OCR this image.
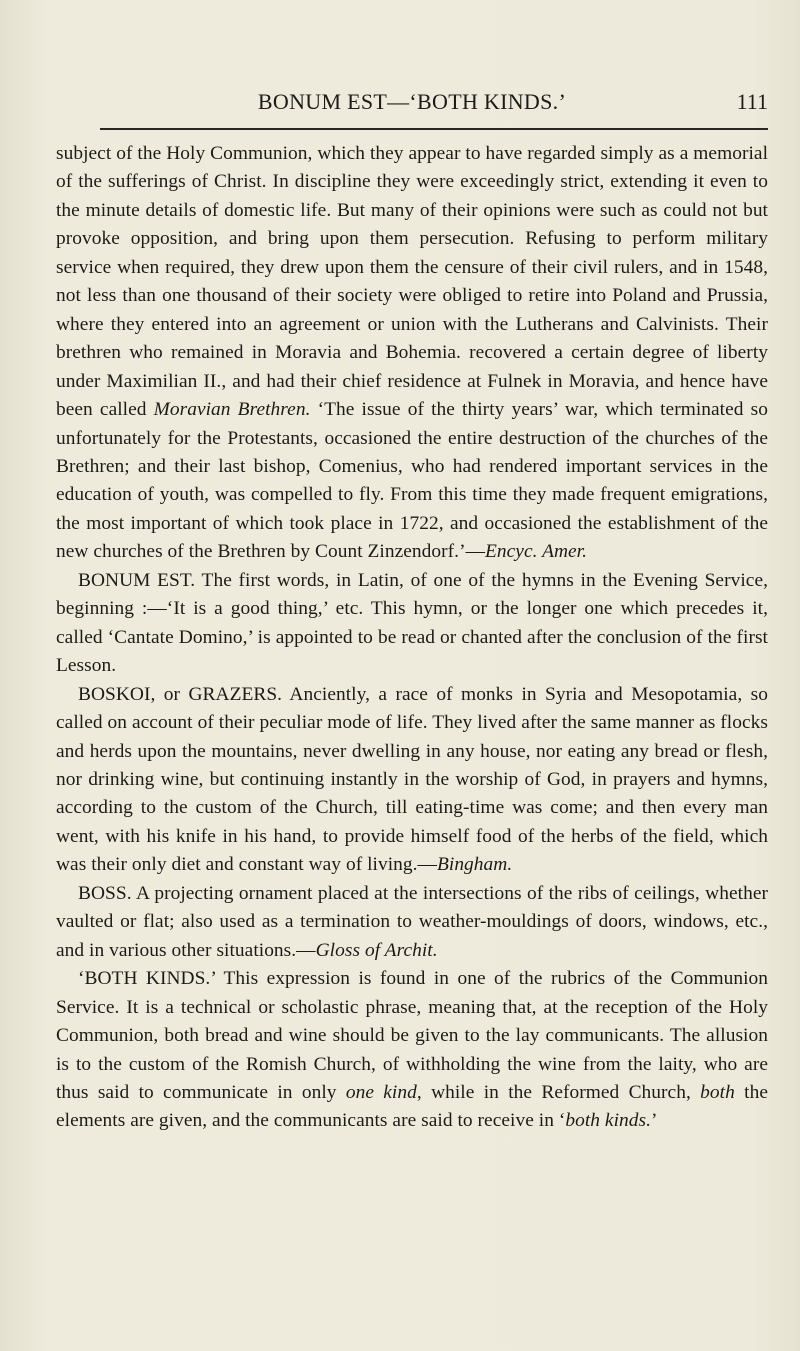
BONUM EST—‘BOTH KINDS.’	111

subject of the Holy Communion, which they appear to have regarded simply as a memorial of the sufferings of Christ. In discipline they were exceedingly strict, extending it even to the minute details of domestic life. But many of their opinions were such as could not but provoke opposition, and bring upon them persecution. Refusing to perform military service when required, they drew upon them the censure of their civil rulers, and in 1548, not less than one thousand of their society were obliged to retire into Poland and Prussia, where they entered into an agreement or union with the Lutherans and Calvinists. Their brethren who remained in Moravia and Bohemia. recovered a certain degree of liberty under Maximilian II., and had their chief residence at Fulnek in Moravia, and hence have been called Moravian Brethren. ‘The issue of the thirty years’ war, which terminated so unfortunately for the Protestants, occasioned the entire destruction of the churches of the Brethren; and their last bishop, Comenius, who had rendered important services in the education of youth, was compelled to fly. From this time they made frequent emigrations, the most important of which took place in 1722, and occasioned the establishment of the new churches of the Brethren by Count Zinzendorf.’—Encyc. Amer.

BONUM EST. The first words, in Latin, of one of the hymns in the Evening Service, beginning :—‘It is a good thing,’ etc. This hymn, or the longer one which precedes it, called ‘Cantate Domino,’ is appointed to be read or chanted after the conclusion of the first Lesson.

BOSKOI, or GRAZERS. Anciently, a race of monks in Syria and Mesopotamia, so called on account of their peculiar mode of life. They lived after the same manner as flocks and herds upon the mountains, never dwelling in any house, nor eating any bread or flesh, nor drinking wine, but continuing instantly in the worship of God, in prayers and hymns, according to the custom of the Church, till eating-time was come; and then every man went, with his knife in his hand, to provide himself food of the herbs of the field, which was their only diet and constant way of living.—Bingham.

BOSS. A projecting ornament placed at the intersections of the ribs of ceilings, whether vaulted or flat; also used as a termination to weather-mouldings of doors, windows, etc., and in various other situations.—Gloss of Archit.

‘BOTH KINDS.’ This expression is found in one of the rubrics of the Communion Service. It is a technical or scholastic phrase, meaning that, at the reception of the Holy Communion, both bread and wine should be given to the lay communicants. The allusion is to the custom of the Romish Church, of withholding the wine from the laity, who are thus said to communicate in only one kind, while in the Reformed Church, both the elements are given, and the communicants are said to receive in ‘both kinds.’
